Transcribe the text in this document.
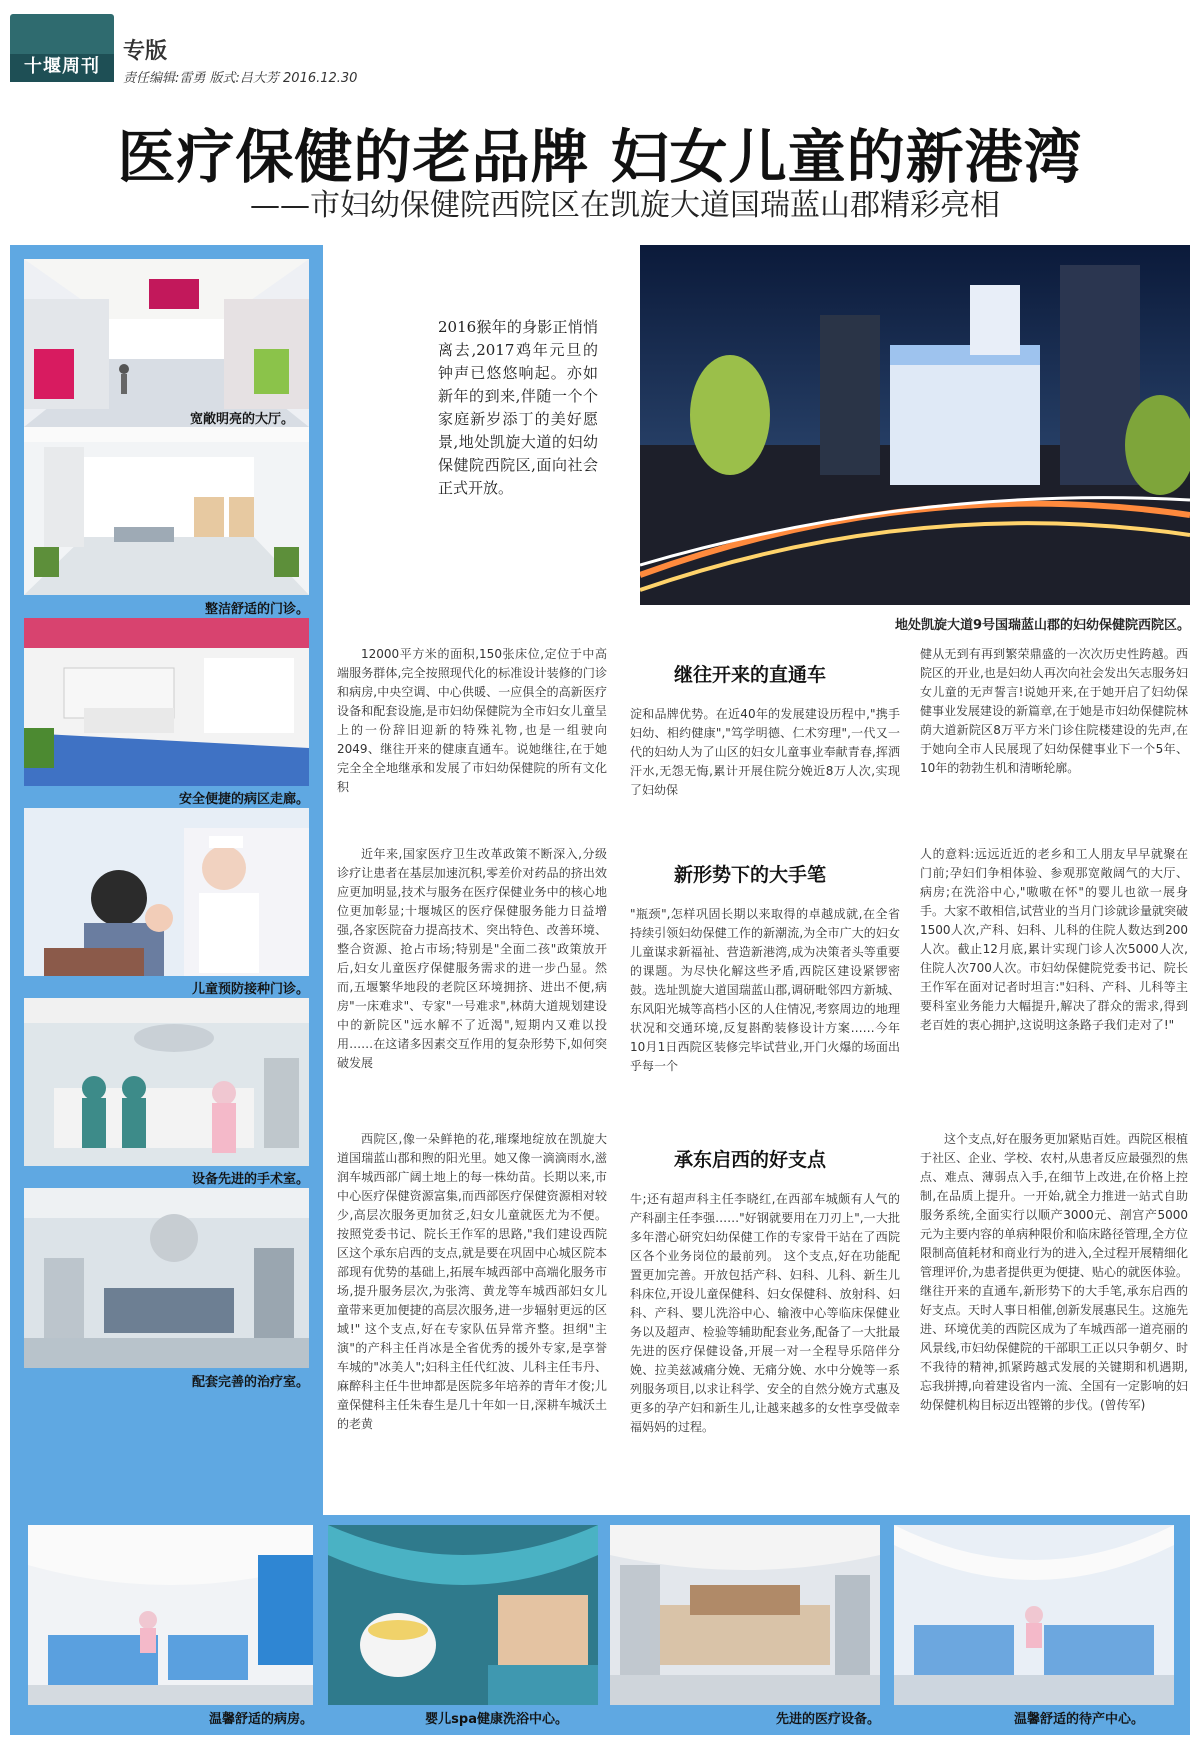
十堰周刊
专版
责任编辑:雷勇 版式:吕大芳 2016.12.30
医疗保健的老品牌 妇女儿童的新港湾
——市妇幼保健院西院区在凯旋大道国瑞蓝山郡精彩亮相
宽敞明亮的大厅。
整洁舒适的门诊。
安全便捷的病区走廊。
儿童预防接种门诊。
设备先进的手术室。
配套完善的治疗室。
2016猴年的身影正悄悄离去,2017鸡年元旦的钟声已悠悠响起。亦如新年的到来,伴随一个个家庭新岁添丁的美好愿景,地处凯旋大道的妇幼保健院西院区,面向社会正式开放。
地处凯旋大道9号国瑞蓝山郡的妇幼保健院西院区。
继往开来的直通车

12000平方米的面积,150张床位,定位于中高端服务群体,完全按照现代化的标准设计装修的门诊和病房,中央空调、中心供暖、一应俱全的高新医疗设备和配套设施,是市妇幼保健院为全市妇女儿童呈上的一份辞旧迎新的特殊礼物,也是一组驶向2049、继往开来的健康直通车。说她继往,在于她完全全全地继承和发展了市妇幼保健院的所有文化积

淀和品牌优势。在近40年的发展建设历程中,"携手妇幼、相约健康","笃学明德、仁术穷理",一代又一代的妇幼人为了山区的妇女儿童事业奉献青春,挥洒汗水,无怨无悔,累计开展住院分娩近8万人次,实现了妇幼保

健从无到有再到繁荣鼎盛的一次次历史性跨越。西院区的开业,也是妇幼人再次向社会发出矢志服务妇女儿童的无声誓言!说她开来,在于她开启了妇幼保健事业发展建设的新篇章,在于她是市妇幼保健院林荫大道新院区8万平方米门诊住院楼建设的先声,在于她向全市人民展现了妇幼保健事业下一个5年、10年的勃勃生机和清晰轮廓。

新形势下的大手笔

近年来,国家医疗卫生改革政策不断深入,分级诊疗让患者在基层加速沉积,零差价对药品的挤出效应更加明显,技术与服务在医疗保健业务中的核心地位更加彰显;十堰城区的医疗保健服务能力日益增强,各家医院奋力提高技术、突出特色、改善环境、整合资源、抢占市场;特别是"全面二孩"政策放开后,妇女儿童医疗保健服务需求的进一步凸显。然而,五堰繁华地段的老院区环境拥挤、进出不便,病房"一床难求"、专家"一号难求",林荫大道规划建设中的新院区"远水解不了近渴",短期内又难以投用……在这诸多因素交互作用的复杂形势下,如何突破发展

"瓶颈",怎样巩固长期以来取得的卓越成就,在全省持续引领妇幼保健工作的新潮流,为全市广大的妇女儿童谋求新福祉、营造新港湾,成为决策者头等重要的课题。为尽快化解这些矛盾,西院区建设紧锣密鼓。选址凯旋大道国瑞蓝山郡,调研毗邻四方新城、东风阳光城等高档小区的人住情况,考察周边的地理状况和交通环境,反复斟酌装修设计方案……今年10月1日西院区装修完毕试营业,开门火爆的场面出乎每一个

人的意料:远远近近的老乡和工人朋友早早就聚在门前;孕妇们争相体验、参观那宽敞阔气的大厅、病房;在洗浴中心,"嗷嗷在怀"的婴儿也欲一展身手。大家不敢相信,试营业的当月门诊就诊量就突破1500人次,产科、妇科、儿科的住院人数达到200人次。截止12月底,累计实现门诊人次5000人次,住院人次700人次。市妇幼保健院党委书记、院长王作军在面对记者时坦言:"妇科、产科、儿科等主要科室业务能力大幅提升,解决了群众的需求,得到老百姓的衷心拥护,这说明这条路子我们走对了!"

承东启西的好支点

西院区,像一朵鲜艳的花,璀璨地绽放在凯旋大道国瑞蓝山郡和煦的阳光里。她又像一滴滴雨水,滋润车城西部广阔土地上的每一株幼苗。长期以来,市中心医疗保健资源富集,而西部医疗保健资源相对较少,高层次服务更加贫乏,妇女儿童就医尤为不便。按照党委书记、院长王作军的思路,"我们建设西院区这个承东启西的支点,就是要在巩固中心城区院本部现有优势的基础上,拓展车城西部中高端化服务市场,提升服务层次,为张湾、黄龙等车城西部妇女儿童带来更加便捷的高层次服务,进一步辐射更远的区域!" 这个支点,好在专家队伍异常齐整。担纲"主演"的产科主任肖冰是全省优秀的援外专家,是享誉车城的"冰美人";妇科主任代红波、儿科主任韦丹、麻醉科主任牛世坤都是医院多年培养的青年才俊;儿童保健科主任朱春生是几十年如一日,深耕车城沃土的老黄

牛;还有超声科主任李晓红,在西部车城颇有人气的产科副主任李强……"好钢就要用在刀刃上",一大批多年潜心研究妇幼保健工作的专家骨干站在了西院区各个业务岗位的最前列。 这个支点,好在功能配置更加完善。开放包括产科、妇科、儿科、新生儿科床位,开设儿童保健科、妇女保健科、放射科、妇科、产科、婴儿洗浴中心、输液中心等临床保健业务以及超声、检验等辅助配套业务,配备了一大批最先进的医疗保健设备,开展一对一全程导乐陪伴分娩、拉美兹减痛分娩、无痛分娩、水中分娩等一系列服务项目,以求让科学、安全的自然分娩方式惠及更多的孕产妇和新生儿,让越来越多的女性享受做幸福妈妈的过程。

这个支点,好在服务更加紧贴百姓。西院区根植于社区、企业、学校、农村,从患者反应最强烈的焦点、难点、薄弱点入手,在细节上改进,在价格上控制,在品质上提升。一开始,就全力推进一站式自助服务系统,全面实行以顺产3000元、剖宫产5000元为主要内容的单病种限价和临床路径管理,全方位限制高值耗材和商业行为的进入,全过程开展精细化管理评价,为患者提供更为便捷、贴心的就医体验。 继往开来的直通车,新形势下的大手笔,承东启西的好支点。天时人事日相催,创新发展惠民生。这施先进、环境优美的西院区成为了车城西部一道亮丽的风景线,市妇幼保健院的干部职工正以只争朝夕、时不我待的精神,抓紧跨越式发展的关键期和机遇期,忘我拼搏,向着建设省内一流、全国有一定影响的妇幼保健机构目标迈出铿锵的步伐。(曾传军)

温馨舒适的病房。	婴儿spa健康洗浴中心。	先进的医疗设备。	温馨舒适的待产中心。
